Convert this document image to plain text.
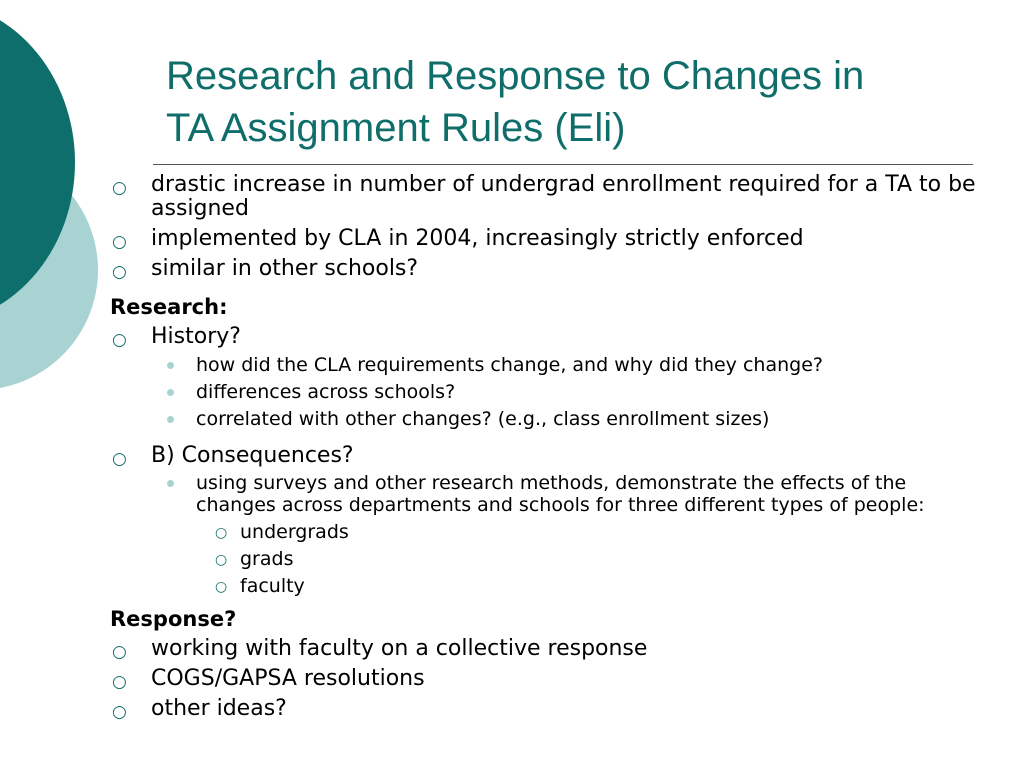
Research and Response to Changes in
TA Assignment Rules (Eli)
○ drastic increase in number of undergrad enrollment required for a TA to be assigned
○ implemented by CLA in 2004, increasingly strictly enforced
○ similar in other schools?
Research:
○ History?
how did the CLA requirements change, and why did they change?
differences across schools?
correlated with other changes? (e.g., class enrollment sizes)
○ B) Consequences?
using surveys and other research methods, demonstrate the effects of the changes across departments and schools for three different types of people:
○ undergrads
○ grads
○ faculty
Response?
○ working with faculty on a collective response
○ COGS/GAPSA resolutions
○ other ideas?
